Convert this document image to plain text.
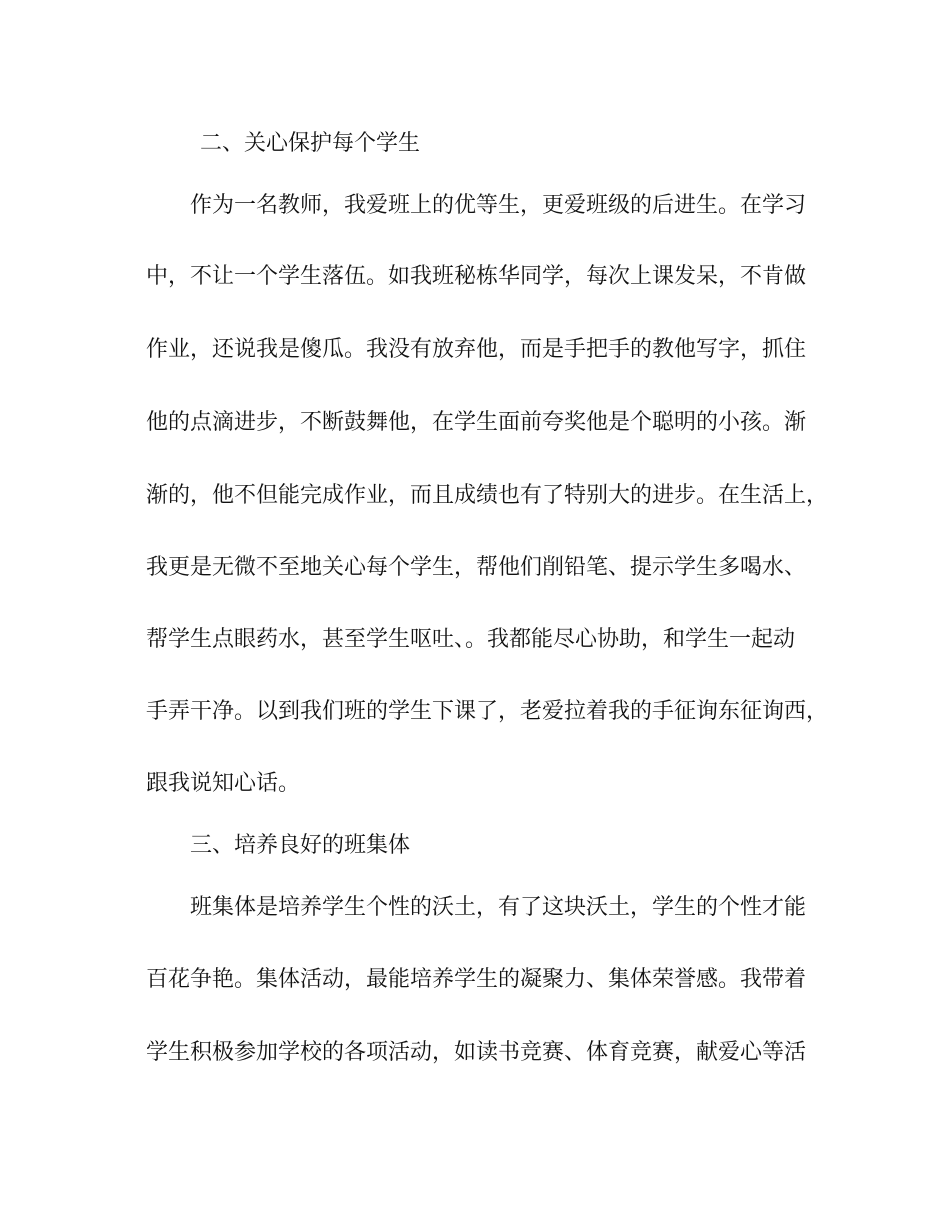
二、关心保护每个学生
作为一名教师，我爱班上的优等生，更爱班级的后进生。在学习
中，不让一个学生落伍。如我班秘栋华同学，每次上课发呆，不肯做
作业，还说我是傻瓜。我没有放弃他，而是手把手的教他写字，抓住
他的点滴进步，不断鼓舞他，在学生面前夸奖他是个聪明的小孩。渐
渐的，他不但能完成作业，而且成绩也有了特别大的进步。在生活上，
我更是无微不至地关心每个学生，帮他们削铅笔、提示学生多喝水、
帮学生点眼药水，甚至学生呕吐、。我都能尽心协助，和学生一起动
手弄干净。以到我们班的学生下课了，老爱拉着我的手征询东征询西，
跟我说知心话。
三、培养良好的班集体
班集体是培养学生个性的沃土，有了这块沃土，学生的个性才能
百花争艳。集体活动，最能培养学生的凝聚力、集体荣誉感。我带着
学生积极参加学校的各项活动，如读书竞赛、体育竞赛，献爱心等活
